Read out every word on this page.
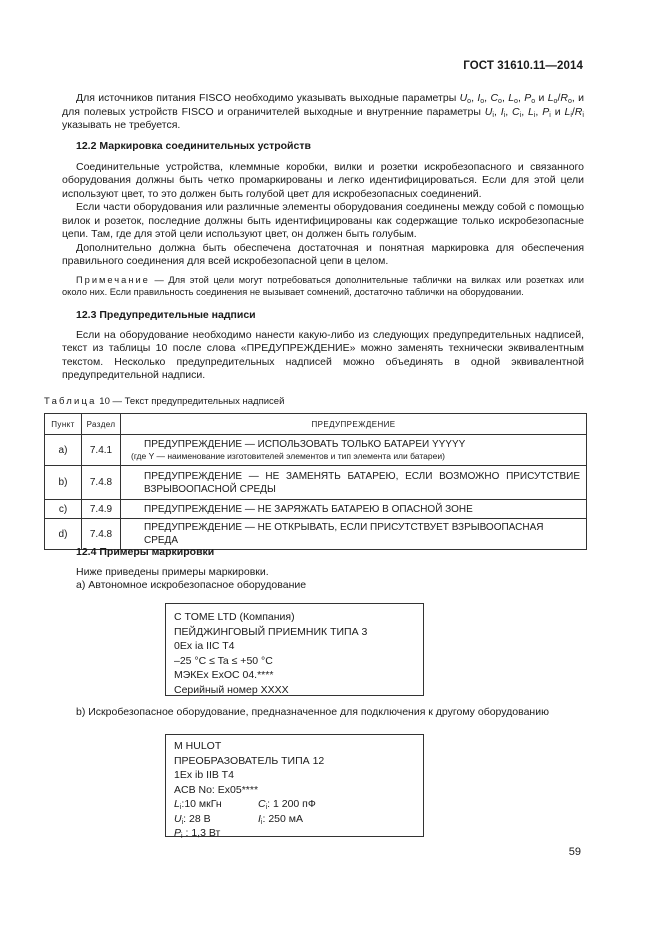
ГОСТ 31610.11—2014

Для источников питания FISCO необходимо указывать выходные параметры $U_o$, $I_o$, $C_o$, $L_o$, $P_o$ и $L_o/R_o$, и для полевых устройств FISCO и ограничителей выходные и внутренние параметры $U_i$, $I_i$, $C_i$, $L_i$, $P_i$ и $L_i/R_i$ указывать не требуется.

12.2 Маркировка соединительных устройств

Соединительные устройства, клеммные коробки, вилки и розетки искробезопасного и связанного оборудования должны быть четко промаркированы и легко идентифицироваться. Если для этой цели используют цвет, то это должен быть голубой цвет для искробезопасных соединений.

Если части оборудования или различные элементы оборудования соединены между собой с помощью вилок и розеток, последние должны быть идентифицированы как содержащие только искробезопасные цепи. Там, где для этой цели используют цвет, он должен быть голубым.

Дополнительно должна быть обеспечена достаточная и понятная маркировка для обеспечения правильного соединения для всей искробезопасной цепи в целом.

Примечание — Для этой цели могут потребоваться дополнительные таблички на вилках или розетках или около них. Если правильность соединения не вызывает сомнений, достаточно таблички на оборудовании.

12.3 Предупредительные надписи

Если на оборудование необходимо нанести какую-либо из следующих предупредительных надписей, текст из таблицы 10 после слова «ПРЕДУПРЕЖДЕНИЕ» можно заменять технически эквивалентным текстом. Несколько предупредительных надписей можно объединять в одной эквивалентной предупредительной надписи.

Таблица 10 — Текст предупредительных надписей
Пункт	Раздел	ПРЕДУПРЕЖДЕНИЕ
a)	7.4.1	ПРЕДУПРЕЖДЕНИЕ — ИСПОЛЬЗОВАТЬ ТОЛЬКО БАТАРЕИ YYYYY
(где Y — наименование изготовителей элементов и тип элемента или батареи)

b)	7.4.8	ПРЕДУПРЕЖДЕНИЕ — НЕ ЗАМЕНЯТЬ БАТАРЕЮ, ЕСЛИ ВОЗМОЖНО ПРИСУТСТВИЕ ВЗРЫВООПАСНОЙ СРЕДЫ

c)	7.4.9	ПРЕДУПРЕЖДЕНИЕ — НЕ ЗАРЯЖАТЬ БАТАРЕЮ В ОПАСНОЙ ЗОНЕ

d)	7.4.8	ПРЕДУПРЕЖДЕНИЕ — НЕ ОТКРЫВАТЬ, ЕСЛИ ПРИСУТСТВУЕТ ВЗРЫВООПАСНАЯ СРЕДА

12.4 Примеры маркировки

Ниже приведены примеры маркировки.

a) Автономное искробезопасное оборудование

С TOME LTD (Компания)
ПЕЙДЖИНГОВЫЙ ПРИЕМНИК ТИПА 3
0Ex ia IIC T4
–25 °C ≤ Ta ≤ +50 °C
МЭКЕх ExOC 04.****
Серийный номер XXXX

b) Искробезопасное оборудование, предназначенное для подключения к другому оборудованию

M HULOT
ПРЕОБРАЗОВАТЕЛЬ ТИПА 12
1Ex ib IIB T4
ACB No: Ex05****
$L_i:10$ мкГн	$C_i$: 1 200 пФ
$U_i$: 28 В	$I_i$: 250 мА
$P_i$ : 1,3 Вт
59
